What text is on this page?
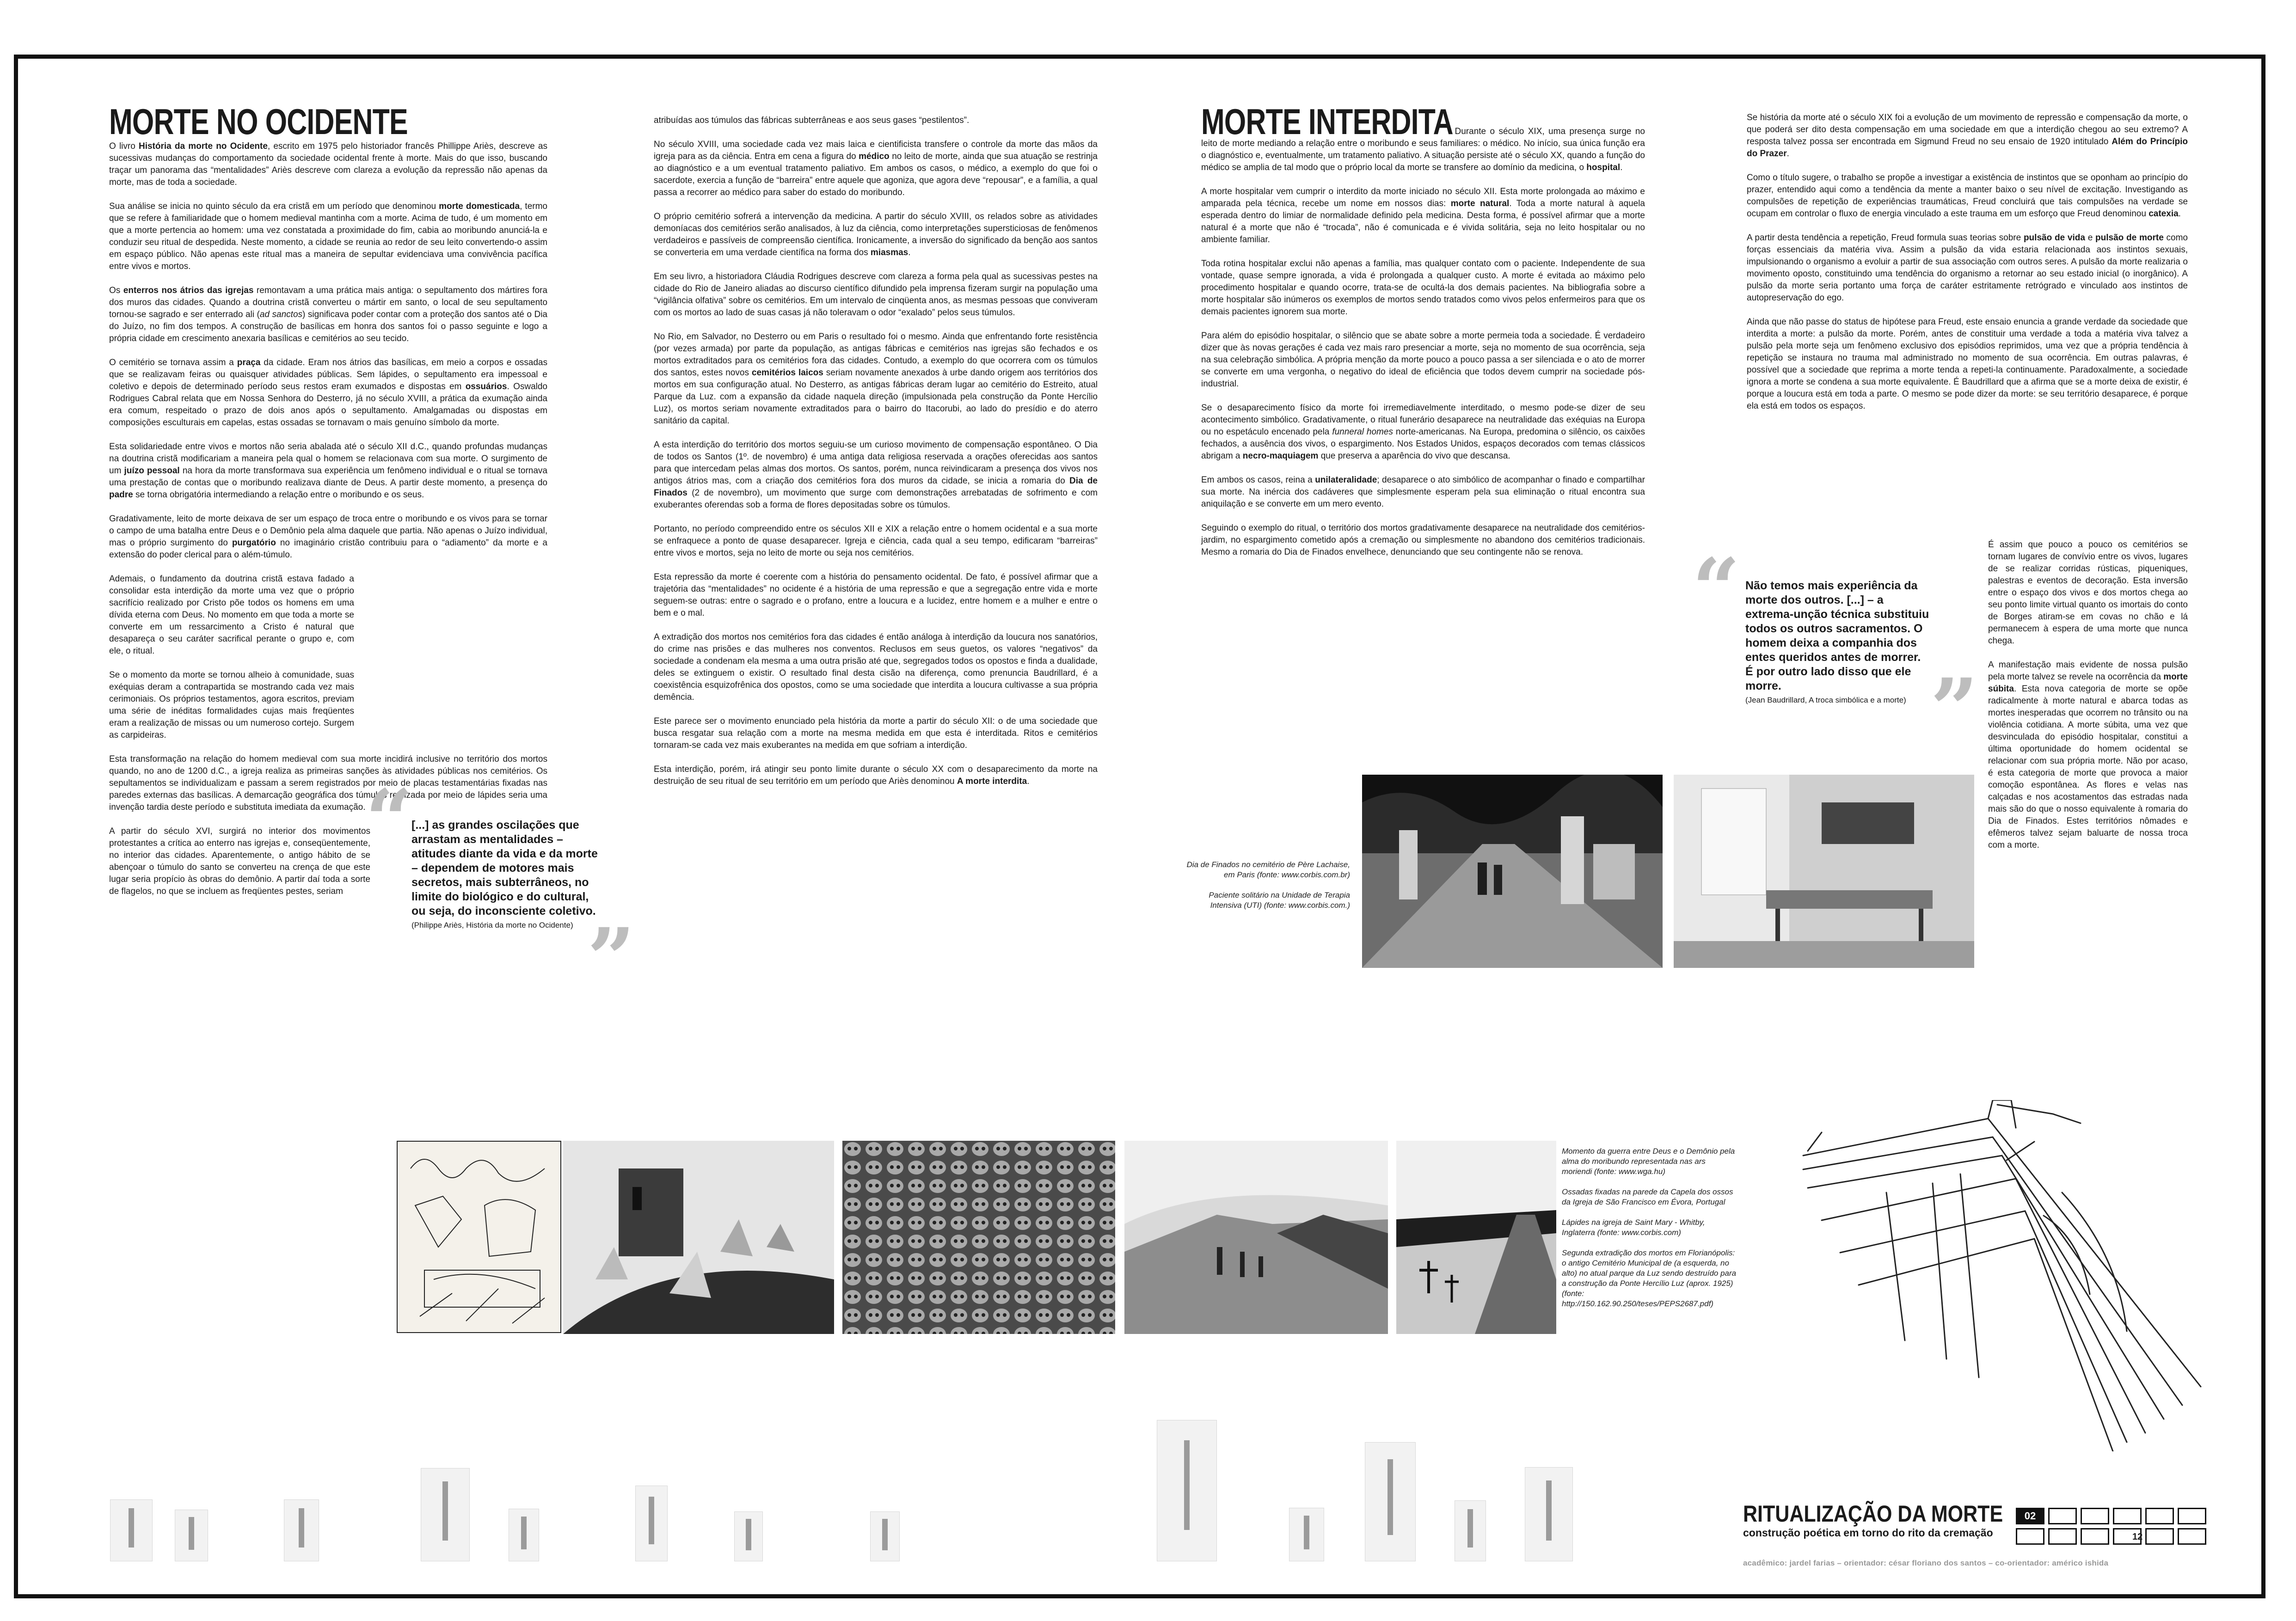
MORTE NO OCIDENTE

O livro História da morte no Ocidente, escrito em 1975 pelo historiador francês Phillippe Ariès, descreve as sucessivas mudanças do comportamento da sociedade ocidental frente à morte. Mais do que isso, buscando traçar um panorama das “mentalidades” Ariès descreve com clareza a evolução da repressão não apenas da morte, mas de toda a sociedade.

Sua análise se inicia no quinto século da era cristã em um período que denominou morte domesticada, termo que se refere à familiaridade que o homem medieval mantinha com a morte. Acima de tudo, é um momento em que a morte pertencia ao homem: uma vez constatada a proximidade do fim, cabia ao moribundo anunciá-la e conduzir seu ritual de despedida. Neste momento, a cidade se reunia ao redor de seu leito convertendo-o assim em espaço público. Não apenas este ritual mas a maneira de sepultar evidenciava uma convivência pacífica entre vivos e mortos.

Os enterros nos átrios das igrejas remontavam a uma prática mais antiga: o sepultamento dos mártires fora dos muros das cidades. Quando a doutrina cristã converteu o mártir em santo, o local de seu sepultamento tornou-se sagrado e ser enterrado ali (ad sanctos) significava poder contar com a proteção dos santos até o Dia do Juízo, no fim dos tempos. A construção de basílicas em honra dos santos foi o passo seguinte e logo a própria cidade em crescimento anexaria basílicas e cemitérios ao seu tecido.

O cemitério se tornava assim a praça da cidade. Eram nos átrios das basílicas, em meio a corpos e ossadas que se realizavam feiras ou quaisquer atividades públicas. Sem lápides, o sepultamento era impessoal e coletivo e depois de determinado período seus restos eram exumados e dispostas em ossuários. Oswaldo Rodrigues Cabral relata que em Nossa Senhora do Desterro, já no século XVIII, a prática da exumação ainda era comum, respeitado o prazo de dois anos após o sepultamento. Amalgamadas ou dispostas em composições esculturais em capelas, estas ossadas se tornavam o mais genuíno símbolo da morte.

Esta solidariedade entre vivos e mortos não seria abalada até o século XII d.C., quando profundas mudanças na doutrina cristã modificariam a maneira pela qual o homem se relacionava com sua morte. O surgimento de um juízo pessoal na hora da morte transformava sua experiência um fenômeno individual e o ritual se tornava uma prestação de contas que o moribundo realizava diante de Deus. A partir deste momento, a presença do padre se torna obrigatória intermediando a relação entre o moribundo e os seus.

Gradativamente, leito de morte deixava de ser um espaço de troca entre o moribundo e os vivos para se tornar o campo de uma batalha entre Deus e o Demônio pela alma daquele que partia. Não apenas o Juízo individual, mas o próprio surgimento do purgatório no imaginário cristão contribuiu para o “adiamento” da morte e a extensão do poder clerical para o além-túmulo.

Ademais, o fundamento da doutrina cristã estava fadado a consolidar esta interdição da morte uma vez que o próprio sacrifício realizado por Cristo põe todos os homens em uma dívida eterna com Deus. No momento em que toda a morte se converte em um ressarcimento a Cristo é natural que desapareça o seu caráter sacrifical perante o grupo e, com ele, o ritual.

Se o momento da morte se tornou alheio à comunidade, suas exéquias deram a contrapartida se mostrando cada vez mais cerimoniais. Os próprios testamentos, agora escritos, previam uma série de inéditas formalidades cujas mais freqüentes eram a realização de missas ou um numeroso cortejo. Surgem as carpideiras.

Esta transformação na relação do homem medieval com sua morte incidirá inclusive no território dos mortos quando, no ano de 1200 d.C., a igreja realiza as primeiras sanções às atividades públicas nos cemitérios. Os sepultamentos se individualizam e passam a serem registrados por meio de placas testamentárias fixadas nas paredes externas das basílicas. A demarcação geográfica dos túmulos realizada por meio de lápides seria uma invenção tardia deste período e substituta imediata da exumação.

A partir do século XVI, surgirá no interior dos movimentos protestantes a crítica ao enterro nas igrejas e, conseqüentemente, no interior das cidades. Aparentemente, o antigo hábito de se abençoar o túmulo do santo se converteu na crença de que este lugar seria propício às obras do demônio. A partir daí toda a sorte de flagelos, no que se incluem as freqüentes pestes, seriam

“
[...] as grandes oscilações que arrastam as mentalidades – atitudes diante da vida e da morte – dependem de motores mais secretos, mais subterrâneos, no limite do biológico e do cultural, ou seja, do inconsciente coletivo.
(Philippe Ariès, História da morte no Ocidente) ”

atribuídas aos túmulos das fábricas subterrâneas e aos seus gases “pestilentos”.

No século XVIII, uma sociedade cada vez mais laica e cientificista transfere o controle da morte das mãos da igreja para as da ciência. Entra em cena a figura do médico no leito de morte, ainda que sua atuação se restrinja ao diagnóstico e a um eventual tratamento paliativo. Em ambos os casos, o médico, a exemplo do que foi o sacerdote, exercia a função de “barreira” entre aquele que agoniza, que agora deve “repousar”, e a família, a qual passa a recorrer ao médico para saber do estado do moribundo.

O próprio cemitério sofrerá a intervenção da medicina. A partir do século XVIII, os relados sobre as atividades demoníacas dos cemitérios serão analisados, à luz da ciência, como interpretações supersticiosas de fenômenos verdadeiros e passíveis de compreensão científica. Ironicamente, a inversão do significado da benção aos santos se converteria em uma verdade científica na forma dos miasmas.

Em seu livro, a historiadora Cláudia Rodrigues descreve com clareza a forma pela qual as sucessivas pestes na cidade do Rio de Janeiro aliadas ao discurso científico difundido pela imprensa fizeram surgir na população uma “vigilância olfativa” sobre os cemitérios. Em um intervalo de cinqüenta anos, as mesmas pessoas que conviveram com os mortos ao lado de suas casas já não toleravam o odor “exalado” pelos seus túmulos.

No Rio, em Salvador, no Desterro ou em Paris o resultado foi o mesmo. Ainda que enfrentando forte resistência (por vezes armada) por parte da população, as antigas fábricas e cemitérios nas igrejas são fechados e os mortos extraditados para os cemitérios fora das cidades. Contudo, a exemplo do que ocorrera com os túmulos dos santos, estes novos cemitérios laicos seriam novamente anexados à urbe dando origem aos territórios dos mortos em sua configuração atual. No Desterro, as antigas fábricas deram lugar ao cemitério do Estreito, atual Parque da Luz. com a expansão da cidade naquela direção (impulsionada pela construção da Ponte Hercílio Luz), os mortos seriam novamente extraditados para o bairro do Itacorubi, ao lado do presídio e do aterro sanitário da capital.

A esta interdição do território dos mortos seguiu-se um curioso movimento de compensação espontâneo. O Dia de todos os Santos (1º. de novembro) é uma antiga data religiosa reservada a orações oferecidas aos santos para que intercedam pelas almas dos mortos. Os santos, porém, nunca reivindicaram a presença dos vivos nos antigos átrios mas, com a criação dos cemitérios fora dos muros da cidade, se inicia a romaria do Dia de Finados (2 de novembro), um movimento que surge com demonstrações arrebatadas de sofrimento e com exuberantes oferendas sob a forma de flores depositadas sobre os túmulos.

Portanto, no período compreendido entre os séculos XII e XIX a relação entre o homem ocidental e a sua morte se enfraquece a ponto de quase desaparecer. Igreja e ciência, cada qual a seu tempo, edificaram “barreiras” entre vivos e mortos, seja no leito de morte ou seja nos cemitérios.

Esta repressão da morte é coerente com a história do pensamento ocidental. De fato, é possível afirmar que a trajetória das “mentalidades” no ocidente é a história de uma repressão e que a segregação entre vida e morte seguem-se outras: entre o sagrado e o profano, entre a loucura e a lucidez, entre homem e a mulher e entre o bem e o mal.

A extradição dos mortos nos cemitérios fora das cidades é então análoga à interdição da loucura nos sanatórios, do crime nas prisões e das mulheres nos conventos. Reclusos em seus guetos, os valores “negativos” da sociedade a condenam ela mesma a uma outra prisão até que, segregados todos os opostos e finda a dualidade, deles se extinguem o existir. O resultado final desta cisão na diferença, como prenuncia Baudrillard, é a coexistência esquizofrênica dos opostos, como se uma sociedade que interdita a loucura cultivasse a sua própria demência.

Este parece ser o movimento enunciado pela história da morte a partir do século XII: o de uma sociedade que busca resgatar sua relação com a morte na mesma medida em que esta é interditada. Ritos e cemitérios tornaram-se cada vez mais exuberantes na medida em que sofriam a interdição.

Esta interdição, porém, irá atingir seu ponto limite durante o século XX com o desaparecimento da morte na destruição de seu ritual de seu território em um período que Ariès denominou A morte interdita.

MORTE INTERDITA Durante o século XIX, uma presença surge no leito de morte mediando a relação entre o moribundo e seus familiares: o médico. No início, sua única função era o diagnóstico e, eventualmente, um tratamento paliativo. A situação persiste até o século XX, quando a função do médico se amplia de tal modo que o próprio local da morte se transfere ao domínio da medicina, o hospital.

A morte hospitalar vem cumprir o interdito da morte iniciado no século XII. Esta morte prolongada ao máximo e amparada pela técnica, recebe um nome em nossos dias: morte natural. Toda a morte natural à aquela esperada dentro do limiar de normalidade definido pela medicina. Desta forma, é possível afirmar que a morte natural é a morte que não é “trocada”, não é comunicada e é vivida solitária, seja no leito hospitalar ou no ambiente familiar.

Toda rotina hospitalar exclui não apenas a família, mas qualquer contato com o paciente. Independente de sua vontade, quase sempre ignorada, a vida é prolongada a qualquer custo. A morte é evitada ao máximo pelo procedimento hospitalar e quando ocorre, trata-se de ocultá-la dos demais pacientes. Na bibliografia sobre a morte hospitalar são inúmeros os exemplos de mortos sendo tratados como vivos pelos enfermeiros para que os demais pacientes ignorem sua morte.

Para além do episódio hospitalar, o silêncio que se abate sobre a morte permeia toda a sociedade. É verdadeiro dizer que às novas gerações é cada vez mais raro presenciar a morte, seja no momento de sua ocorrência, seja na sua celebração simbólica. A própria menção da morte pouco a pouco passa a ser silenciada e o ato de morrer se converte em uma vergonha, o negativo do ideal de eficiência que todos devem cumprir na sociedade pós-industrial.

Se o desaparecimento físico da morte foi irremediavelmente interditado, o mesmo pode-se dizer de seu acontecimento simbólico. Gradativamente, o ritual funerário desaparece na neutralidade das exéquias na Europa ou no espetáculo encenado pela funneral homes norte-americanas. Na Europa, predomina o silêncio, os caixões fechados, a ausência dos vivos, o espargimento. Nos Estados Unidos, espaços decorados com temas clássicos abrigam a necro-maquiagem que preserva a aparência do vivo que descansa.

Em ambos os casos, reina a unilateralidade; desaparece o ato simbólico de acompanhar o finado e compartilhar sua morte. Na inércia dos cadáveres que simplesmente esperam pela sua eliminação o ritual encontra sua aniquilação e se converte em um mero evento.

Seguindo o exemplo do ritual, o território dos mortos gradativamente desaparece na neutralidade dos cemitérios-jardim, no espargimento cometido após a cremação ou simplesmente no abandono dos cemitérios tradicionais. Mesmo a romaria do Dia de Finados envelhece, denunciando que seu contingente não se renova.	“ Não temos mais experiência da morte dos outros. [...] – a extrema-unção técnica substituiu todos os outros sacramentos. O homem deixa a companhia dos entes queridos antes de morrer. É por outro lado disso que ele morre.
(Jean Baudrillard, A troca simbólica e a morte) ”

Se história da morte até o século XIX foi a evolução de um movimento de repressão e compensação da morte, o que poderá ser dito desta compensação em uma sociedade em que a interdição chegou ao seu extremo? A resposta talvez possa ser encontrada em Sigmund Freud no seu ensaio de 1920 intitulado Além do Princípio do Prazer.

Como o título sugere, o trabalho se propõe a investigar a existência de instintos que se oponham ao princípio do prazer, entendido aqui como a tendência da mente a manter baixo o seu nível de excitação. Investigando as compulsões de repetição de experiências traumáticas, Freud concluirá que tais compulsões na verdade se ocupam em controlar o fluxo de energia vinculado a este trauma em um esforço que Freud denominou catexia.

A partir desta tendência a repetição, Freud formula suas teorias sobre pulsão de vida e pulsão de morte como forças essenciais da matéria viva. Assim a pulsão da vida estaria relacionada aos instintos sexuais, impulsionando o organismo a evoluir a partir de sua associação com outros seres. A pulsão da morte realizaria o movimento oposto, constituindo uma tendência do organismo a retornar ao seu estado inicial (o inorgânico). A pulsão da morte seria portanto uma força de caráter estritamente retrógrado e vinculado aos instintos de autopreservação do ego.

Ainda que não passe do status de hipótese para Freud, este ensaio enuncia a grande verdade da sociedade que interdita a morte: a pulsão da morte. Porém, antes de constituir uma verdade a toda a matéria viva talvez a pulsão pela morte seja um fenômeno exclusivo dos episódios reprimidos, uma vez que a própria tendência à repetição se instaura no trauma mal administrado no momento de sua ocorrência. Em outras palavras, é possível que a sociedade que reprima a morte tenda a repeti-la continuamente. Paradoxalmente, a sociedade ignora a morte se condena a sua morte equivalente. É Baudrillard que a afirma que se a morte deixa de existir, é porque a loucura está em toda a parte. O mesmo se pode dizer da morte: se seu território desaparece, é porque ela está em todos os espaços.

É assim que pouco a pouco os cemitérios se tornam lugares de convívio entre os vivos, lugares de se realizar corridas rústicas, piqueniques, palestras e eventos de decoração. Esta inversão entre o espaço dos vivos e dos mortos chega ao seu ponto limite virtual quanto os imortais do conto de Borges atiram-se em covas no chão e lá permanecem à espera de uma morte que nunca chega.

A manifestação mais evidente de nossa pulsão pela morte talvez se revele na ocorrência da morte súbita. Esta nova categoria de morte se opõe radicalmente à morte natural e abarca todas as mortes inesperadas que ocorrem no trânsito ou na violência cotidiana. A morte súbita, uma vez que desvinculada do episódio hospitalar, constitui a última oportunidade do homem ocidental se relacionar com sua própria morte. Não por acaso, é esta categoria de morte que provoca a maior comoção espontânea. As flores e velas nas calçadas e nos acostamentos das estradas nada mais são do que o nosso equivalente à romaria do Dia de Finados. Estes territórios nômades e efêmeros talvez sejam baluarte de nossa troca com a morte.

Dia de Finados no cemitério de Père Lachaise, em Paris (fonte: www.corbis.com.br)

Paciente solitário na Unidade de Terapia Intensiva (UTI) (fonte: www.corbis.com.)

Momento da guerra entre Deus e o Demônio pela alma do moribundo representada nas ars moriendi (fonte: www.wga.hu)

Ossadas fixadas na parede da Capela dos ossos da Igreja de São Francisco em Évora, Portugal

Lápides na igreja de Saint Mary - Whitby, Inglaterra (fonte: www.corbis.com)

Segunda extradição dos mortos em Florianópolis: o antigo Cemitério Municipal de (a esquerda, no alto) no atual parque da Luz sendo destruído para a construção da Ponte Hercílio Luz (aprox. 1925) (fonte: http://150.162.90.250/teses/PEPS2687.pdf)

RITUALIZAÇÃO DA MORTE
construção poética em torno do rito da cremação
02
12
acadêmico: jardel farias – orientador: césar floriano dos santos – co-orientador: américo ishida
